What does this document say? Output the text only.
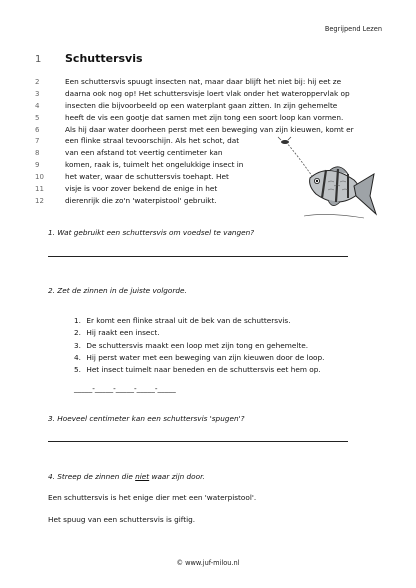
Begrijpend Lezen
1	Schuttersvis
2	Een schuttersvis spuugt insecten nat, maar daar blijft het niet bij: hij eet ze
3	daarna ook nog op! Het schuttersvisje loert vlak onder het wateroppervlak op
4	insecten die bijvoorbeeld op een waterplant gaan zitten. In zijn gehemelte
5	heeft de vis een gootje dat samen met zijn tong een soort loop kan vormen.
6	Als hij daar water doorheen perst met een beweging van zijn kieuwen, komt er
7	een flinke straal tevoorschijn. Als het schot, dat
8	van een afstand tot veertig centimeter kan
9	komen, raak is, tuimelt het ongelukkige insect in
10	het water, waar de schuttersvis toehapt. Het
11	visje is voor zover bekend de enige in het
12	dierenrijk die zo'n 'waterpistool' gebruikt.
1. Wat gebruikt een schuttersvis om voedsel te vangen?
2. Zet de zinnen in de juiste volgorde.
1.
Er komt een flinke straal uit de bek van de schuttersvis.
2.
Hij raakt een insect.
3.
De schuttersvis maakt een loop met zijn tong en gehemelte.
4.
Hij perst water met een beweging van zijn kieuwen door de loop.
5.
Het insect tuimelt naar beneden en de schuttersvis eet hem op.
_____-_____-_____-_____-_____
3. Hoeveel centimeter kan een schuttersvis 'spugen'?
4. Streep de zinnen die niet waar zijn door.
Een schuttersvis is het enige dier met een 'waterpistool'.
Het spuug van een schuttersvis is giftig.
© www.juf-milou.nl
